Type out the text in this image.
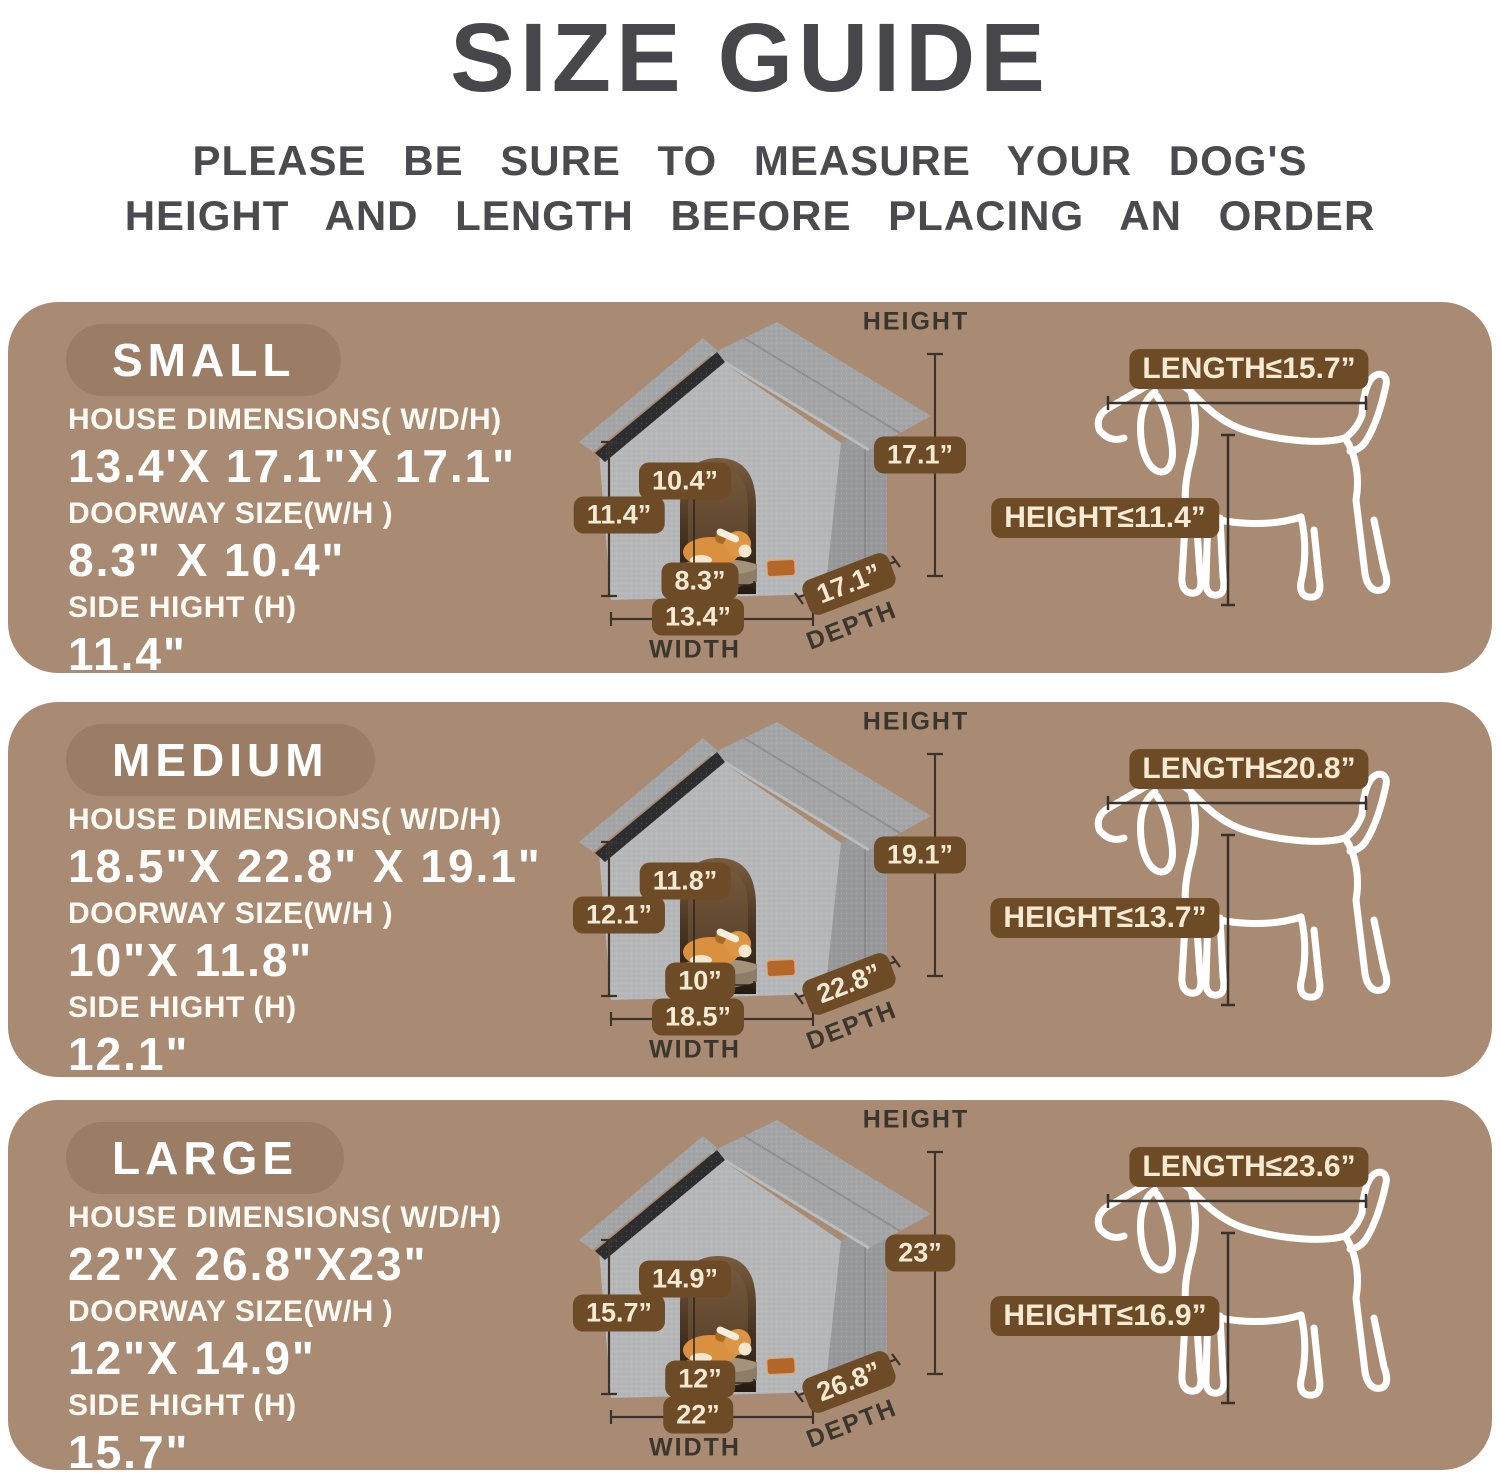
SIZE GUIDE
PLEASE BE SURE TO MEASURE YOUR DOG'S
HEIGHT AND LENGTH BEFORE PLACING AN ORDER
SMALL
HOUSE DIMENSIONS( W/D/H)
13.4'X 17.1"X 17.1"
DOORWAY SIZE(W/H )
8.3" X 10.4"
SIDE HIGHT (H)
11.4"
HEIGHT
17.1”
10.4”
11.4”
8.3”
13.4”
WIDTH
17.1”
DEPTH
LENGTH≤15.7”
HEIGHT≤11.4”
MEDIUM
HOUSE DIMENSIONS( W/D/H)
18.5"X 22.8" X 19.1"
DOORWAY SIZE(W/H )
10"X 11.8"
SIDE HIGHT (H)
12.1"
HEIGHT
19.1”
11.8”
12.1”
10”
18.5”
WIDTH
22.8”
DEPTH
LENGTH≤20.8”
HEIGHT≤13.7”
LARGE
HOUSE DIMENSIONS( W/D/H)
22"X 26.8"X23"
DOORWAY SIZE(W/H )
12"X 14.9"
SIDE HIGHT (H)
15.7"
HEIGHT
23”
14.9”
15.7”
12”
22”
WIDTH
26.8”
DEPTH
LENGTH≤23.6”
HEIGHT≤16.9”
